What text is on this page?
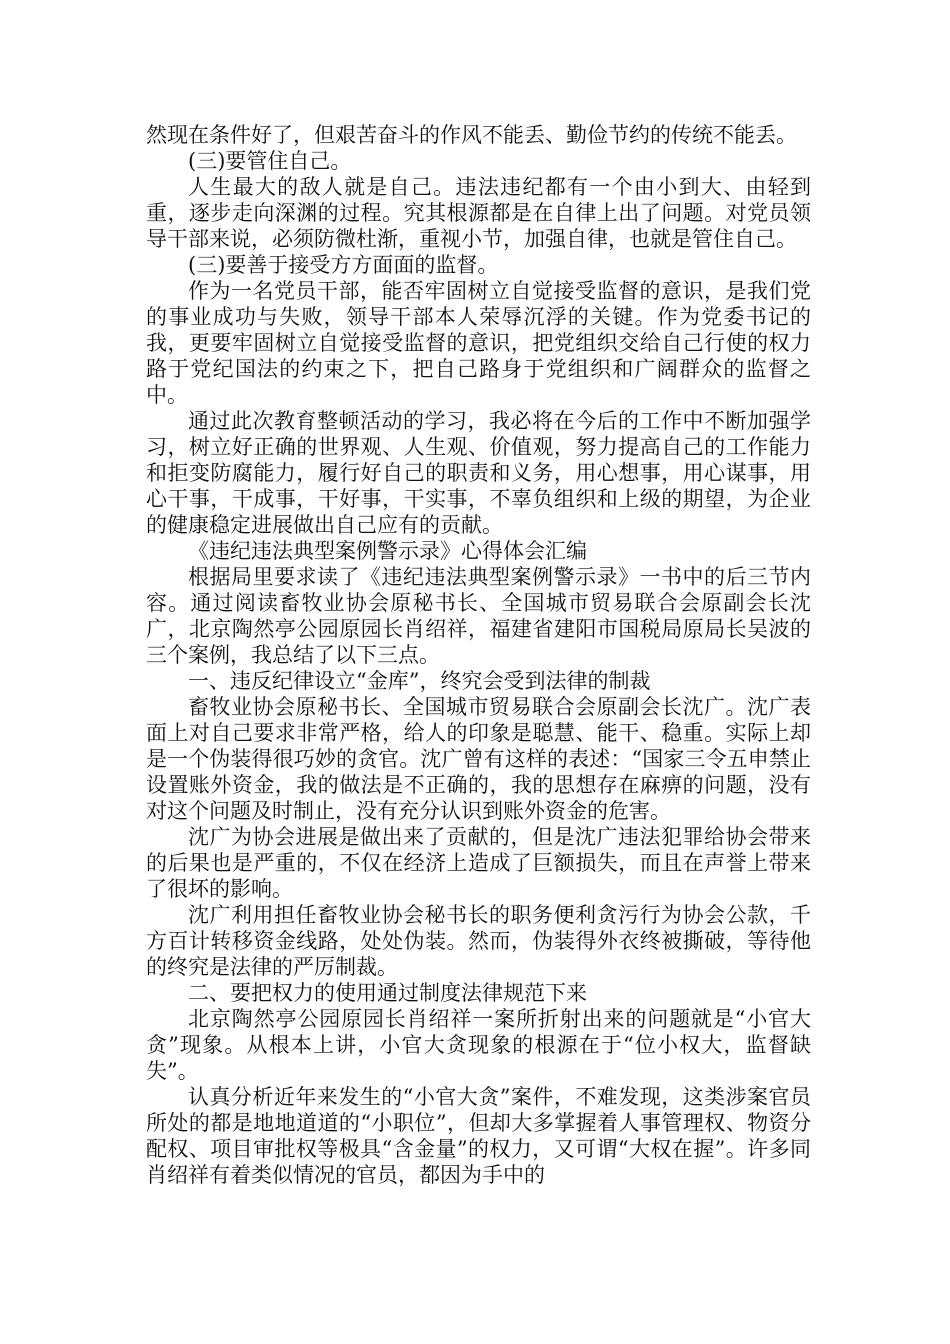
然现在条件好了，但艰苦奋斗的作风不能丢、勤俭节约的传统不能丢。

(三)要管住自己。

人生最大的敌人就是自己。违法违纪都有一个由小到大、由轻到重，逐步走向深渊的过程。究其根源都是在自律上出了问题。对党员领导干部来说，必须防微杜渐，重视小节，加强自律，也就是管住自己。

(三)要善于接受方方面面的监督。

作为一名党员干部，能否牢固树立自觉接受监督的意识，是我们党的事业成功与失败，领导干部本人荣辱沉浮的关键。作为党委书记的我，更要牢固树立自觉接受监督的意识，把党组织交给自己行使的权力路于党纪国法的约束之下，把自己路身于党组织和广阔群众的监督之中。

通过此次教育整顿活动的学习，我必将在今后的工作中不断加强学习，树立好正确的世界观、人生观、价值观，努力提高自己的工作能力和拒变防腐能力，履行好自己的职责和义务，用心想事，用心谋事，用心干事，干成事，干好事，干实事，不辜负组织和上级的期望，为企业的健康稳定进展做出自己应有的贡献。

《违纪违法典型案例警示录》心得体会汇编

根据局里要求读了《违纪违法典型案例警示录》一书中的后三节内容。通过阅读畜牧业协会原秘书长、全国城市贸易联合会原副会长沈广，北京陶然亭公园原园长肖绍祥，福建省建阳市国税局原局长吴波的三个案例，我总结了以下三点。

一、违反纪律设立“金库”，终究会受到法律的制裁

畜牧业协会原秘书长、全国城市贸易联合会原副会长沈广。沈广表面上对自己要求非常严格，给人的印象是聪慧、能干、稳重。实际上却是一个伪装得很巧妙的贪官。沈广曾有这样的表述：“国家三令五申禁止设置账外资金，我的做法是不正确的，我的思想存在麻痹的问题，没有对这个问题及时制止，没有充分认识到账外资金的危害。

沈广为协会进展是做出来了贡献的，但是沈广违法犯罪给协会带来的后果也是严重的，不仅在经济上造成了巨额损失，而且在声誉上带来了很坏的影响。

沈广利用担任畜牧业协会秘书长的职务便利贪污行为协会公款，千方百计转移资金线路，处处伪装。然而，伪装得外衣终被撕破，等待他的终究是法律的严厉制裁。

二、要把权力的使用通过制度法律规范下来

北京陶然亭公园原园长肖绍祥一案所折射出来的问题就是“小官大贪”现象。从根本上讲，小官大贪现象的根源在于“位小权大，监督缺失”。

认真分析近年来发生的“小官大贪”案件，不难发现，这类涉案官员所处的都是地地道道的“小职位”，但却大多掌握着人事管理权、物资分配权、项目审批权等极具“含金量”的权力，又可谓“大权在握”。许多同肖绍祥有着类似情况的官员，都因为手中的
